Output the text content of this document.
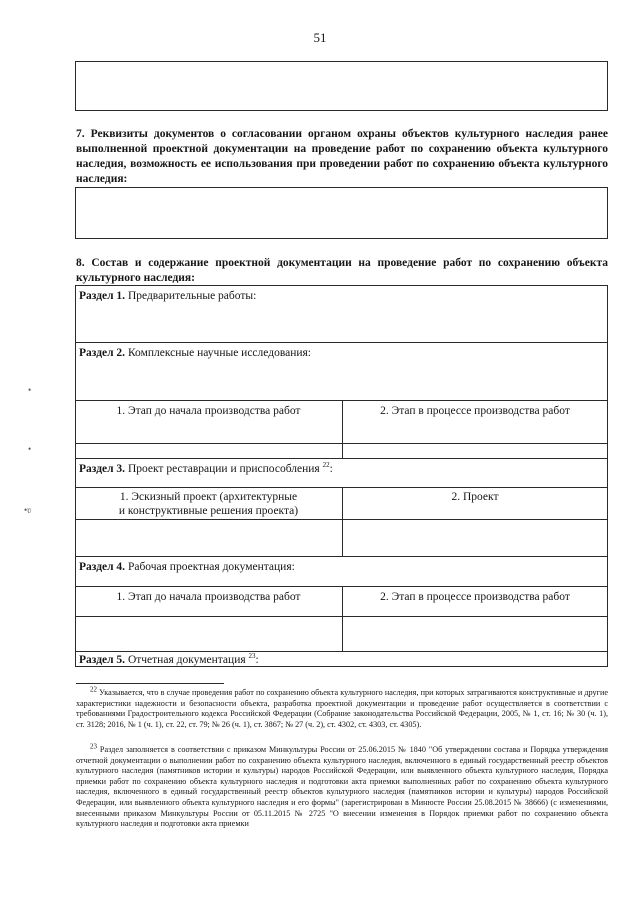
51
7. Реквизиты документов о согласовании органом охраны объектов культурного наследия ранее выполненной проектной документации на проведение работ по сохранению объекта культурного наследия, возможность ее использования при проведении работ по сохранению объекта культурного наследия:
8. Состав и содержание проектной документации на проведение работ по сохранению объекта культурного наследия:
Раздел 1. Предварительные работы:
Раздел 2. Комплексные научные исследования:
1. Этап до начала производства работ	2. Этап в процессе производства работ
Раздел 3. Проект реставрации и приспособления $^{22}$:
1. Эскизный проект (архитектурные
и конструктивные решения проекта)
2. Проект
Раздел 4. Рабочая проектная документация:
1. Этап до начала производства работ	2. Этап в процессе производства работ
Раздел 5. Отчетная документация $^{23}$:
•
•
•ʋ
$^{22}$ Указывается, что в случае проведения работ по сохранению объекта культурного наследия, при которых затрагиваются конструктивные и другие характеристики надежности и безопасности объекта, разработка проектной документации и проведение работ осуществляется в соответствии с требованиями Градостроительного кодекса Российской Федерации (Собрание законодательства Российской Федерации, 2005, № 1, ст. 16; № 30 (ч. 1), ст. 3128; 2016, № 1 (ч. 1), ст. 22, ст. 79; № 26 (ч. 1), ст. 3867; № 27 (ч. 2), ст. 4302, ст. 4303, ст. 4305).
$^{23}$ Раздел заполняется в соответствии с приказом Минкультуры России от 25.06.2015 № 1840 "Об утверждении состава и Порядка утверждения отчетной документации о выполнении работ по сохранению объекта культурного наследия, включенного в единый государственный реестр объектов культурного наследия (памятников истории и культуры) народов Российской Федерации, или выявленного объекта культурного наследия, Порядка приемки работ по сохранению объекта культурного наследия и подготовки акта приемки выполненных работ по сохранению объекта культурного наследия, включенного в единый государственный реестр объектов культурного наследия (памятников истории и культуры) народов Российской Федерации, или выявленного объекта культурного наследия и его формы" (зарегистрирован в Минюсте России 25.08.2015 № 38666) (с изменениями, внесенными приказом Минкультуры России от 05.11.2015 № 2725 "О внесении изменения в Порядок приемки работ по сохранению объекта культурного наследия и подготовки акта приемки
